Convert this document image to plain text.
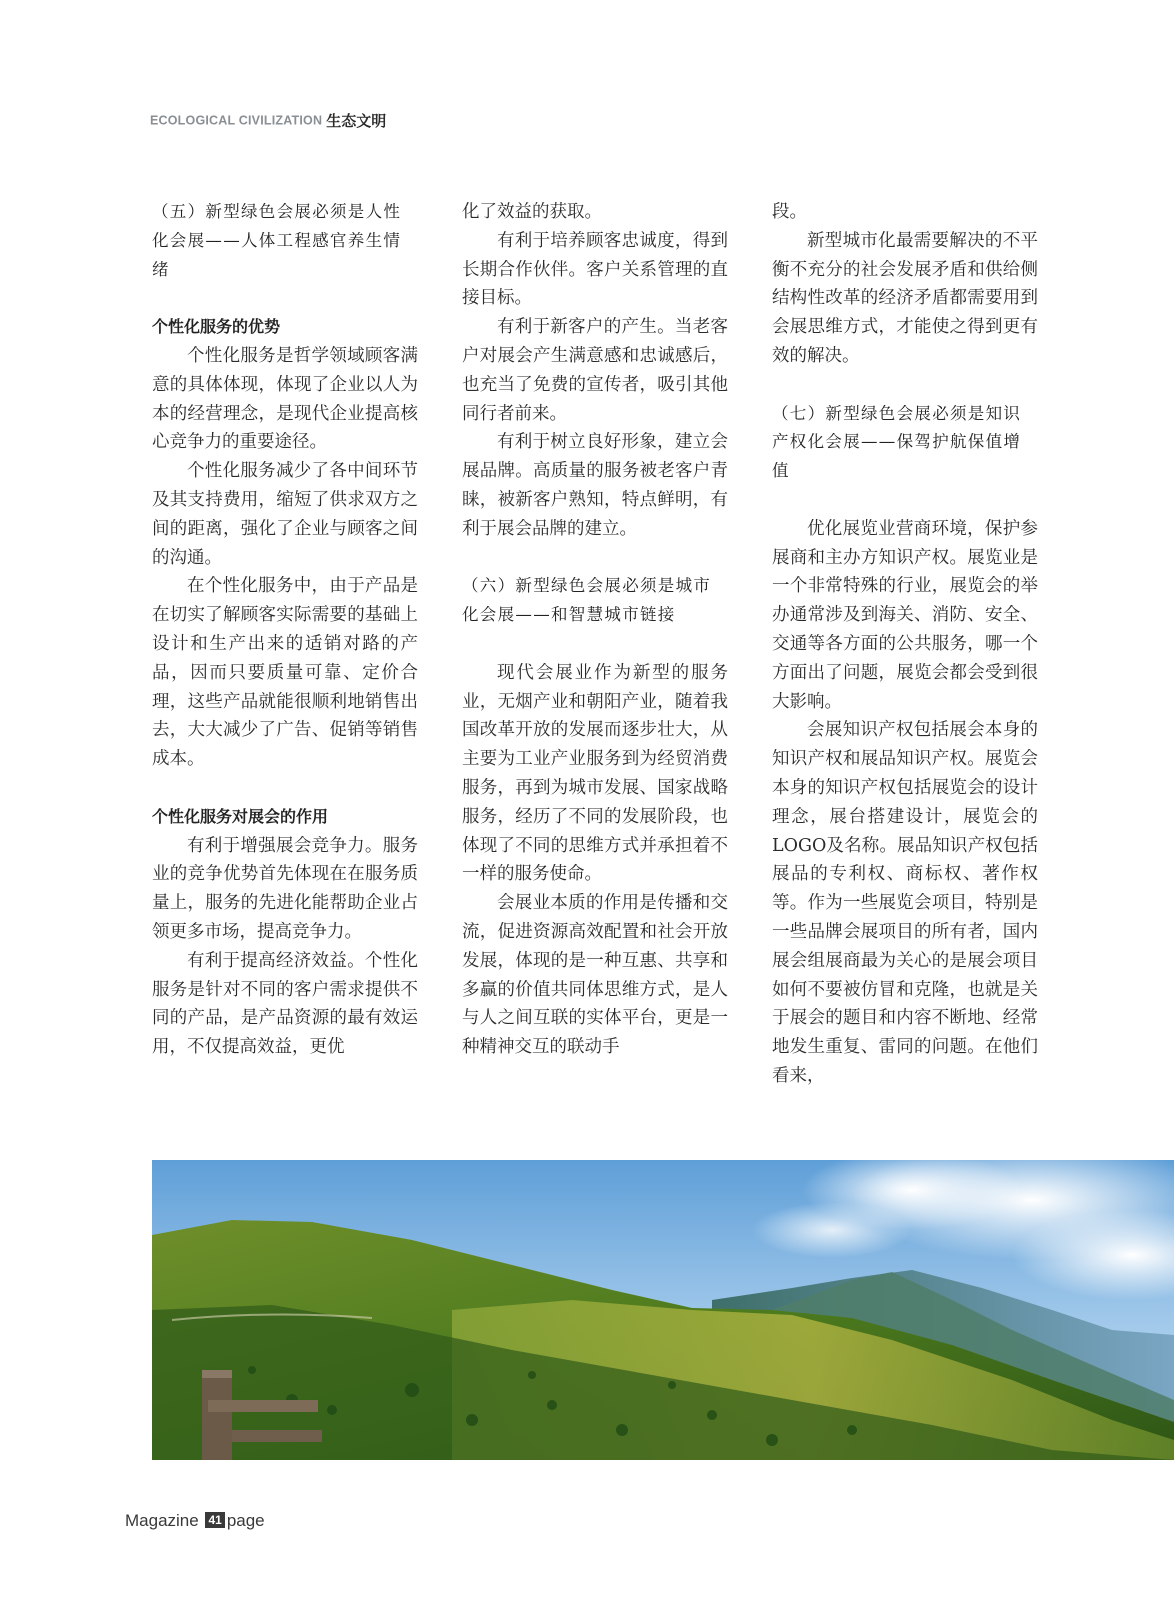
ECOLOGICAL CIVILIZATION 生态文明
（五）新型绿色会展必须是人性化会展——人体工程感官养生情绪
个性化服务的优势

个性化服务是哲学领域顾客满意的具体体现，体现了企业以人为本的经营理念，是现代企业提高核心竞争力的重要途径。

个性化服务减少了各中间环节及其支持费用，缩短了供求双方之间的距离，强化了企业与顾客之间的沟通。

在个性化服务中，由于产品是在切实了解顾客实际需要的基础上设计和生产出来的适销对路的产品，因而只要质量可靠、定价合理，这些产品就能很顺利地销售出去，大大减少了广告、促销等销售成本。

个性化服务对展会的作用

有利于增强展会竞争力。服务业的竞争优势首先体现在在服务质量上，服务的先进化能帮助企业占领更多市场，提高竞争力。

有利于提高经济效益。个性化服务是针对不同的客户需求提供不同的产品，是产品资源的最有效运用，不仅提高效益，更优

化了效益的获取。

有利于培养顾客忠诚度，得到长期合作伙伴。客户关系管理的直接目标。

有利于新客户的产生。当老客户对展会产生满意感和忠诚感后，也充当了免费的宣传者，吸引其他同行者前来。

有利于树立良好形象，建立会展品牌。高质量的服务被老客户青睐，被新客户熟知，特点鲜明，有利于展会品牌的建立。

（六）新型绿色会展必须是城市化会展——和智慧城市链接

现代会展业作为新型的服务业，无烟产业和朝阳产业，随着我国改革开放的发展而逐步壮大，从主要为工业产业服务到为经贸消费服务，再到为城市发展、国家战略服务，经历了不同的发展阶段，也体现了不同的思维方式并承担着不一样的服务使命。

会展业本质的作用是传播和交流，促进资源高效配置和社会开放发展，体现的是一种互惠、共享和多赢的价值共同体思维方式，是人与人之间互联的实体平台，更是一种精神交互的联动手

段。

新型城市化最需要解决的不平衡不充分的社会发展矛盾和供给侧结构性改革的经济矛盾都需要用到会展思维方式，才能使之得到更有效的解决。

（七）新型绿色会展必须是知识产权化会展——保驾护航保值增值

优化展览业营商环境，保护参展商和主办方知识产权。展览业是一个非常特殊的行业，展览会的举办通常涉及到海关、消防、安全、交通等各方面的公共服务，哪一个方面出了问题，展览会都会受到很大影响。

会展知识产权包括展会本身的知识产权和展品知识产权。展览会本身的知识产权包括展览会的设计理念，展台搭建设计，展览会的LOGO及名称。展品知识产权包括展品的专利权、商标权、著作权等。作为一些展览会项目，特别是一些品牌会展项目的所有者，国内展会组展商最为关心的是展会项目如何不要被仿冒和克隆，也就是关于展会的题目和内容不断地、经常地发生重复、雷同的问题。在他们看来，

Magazine 41 page
